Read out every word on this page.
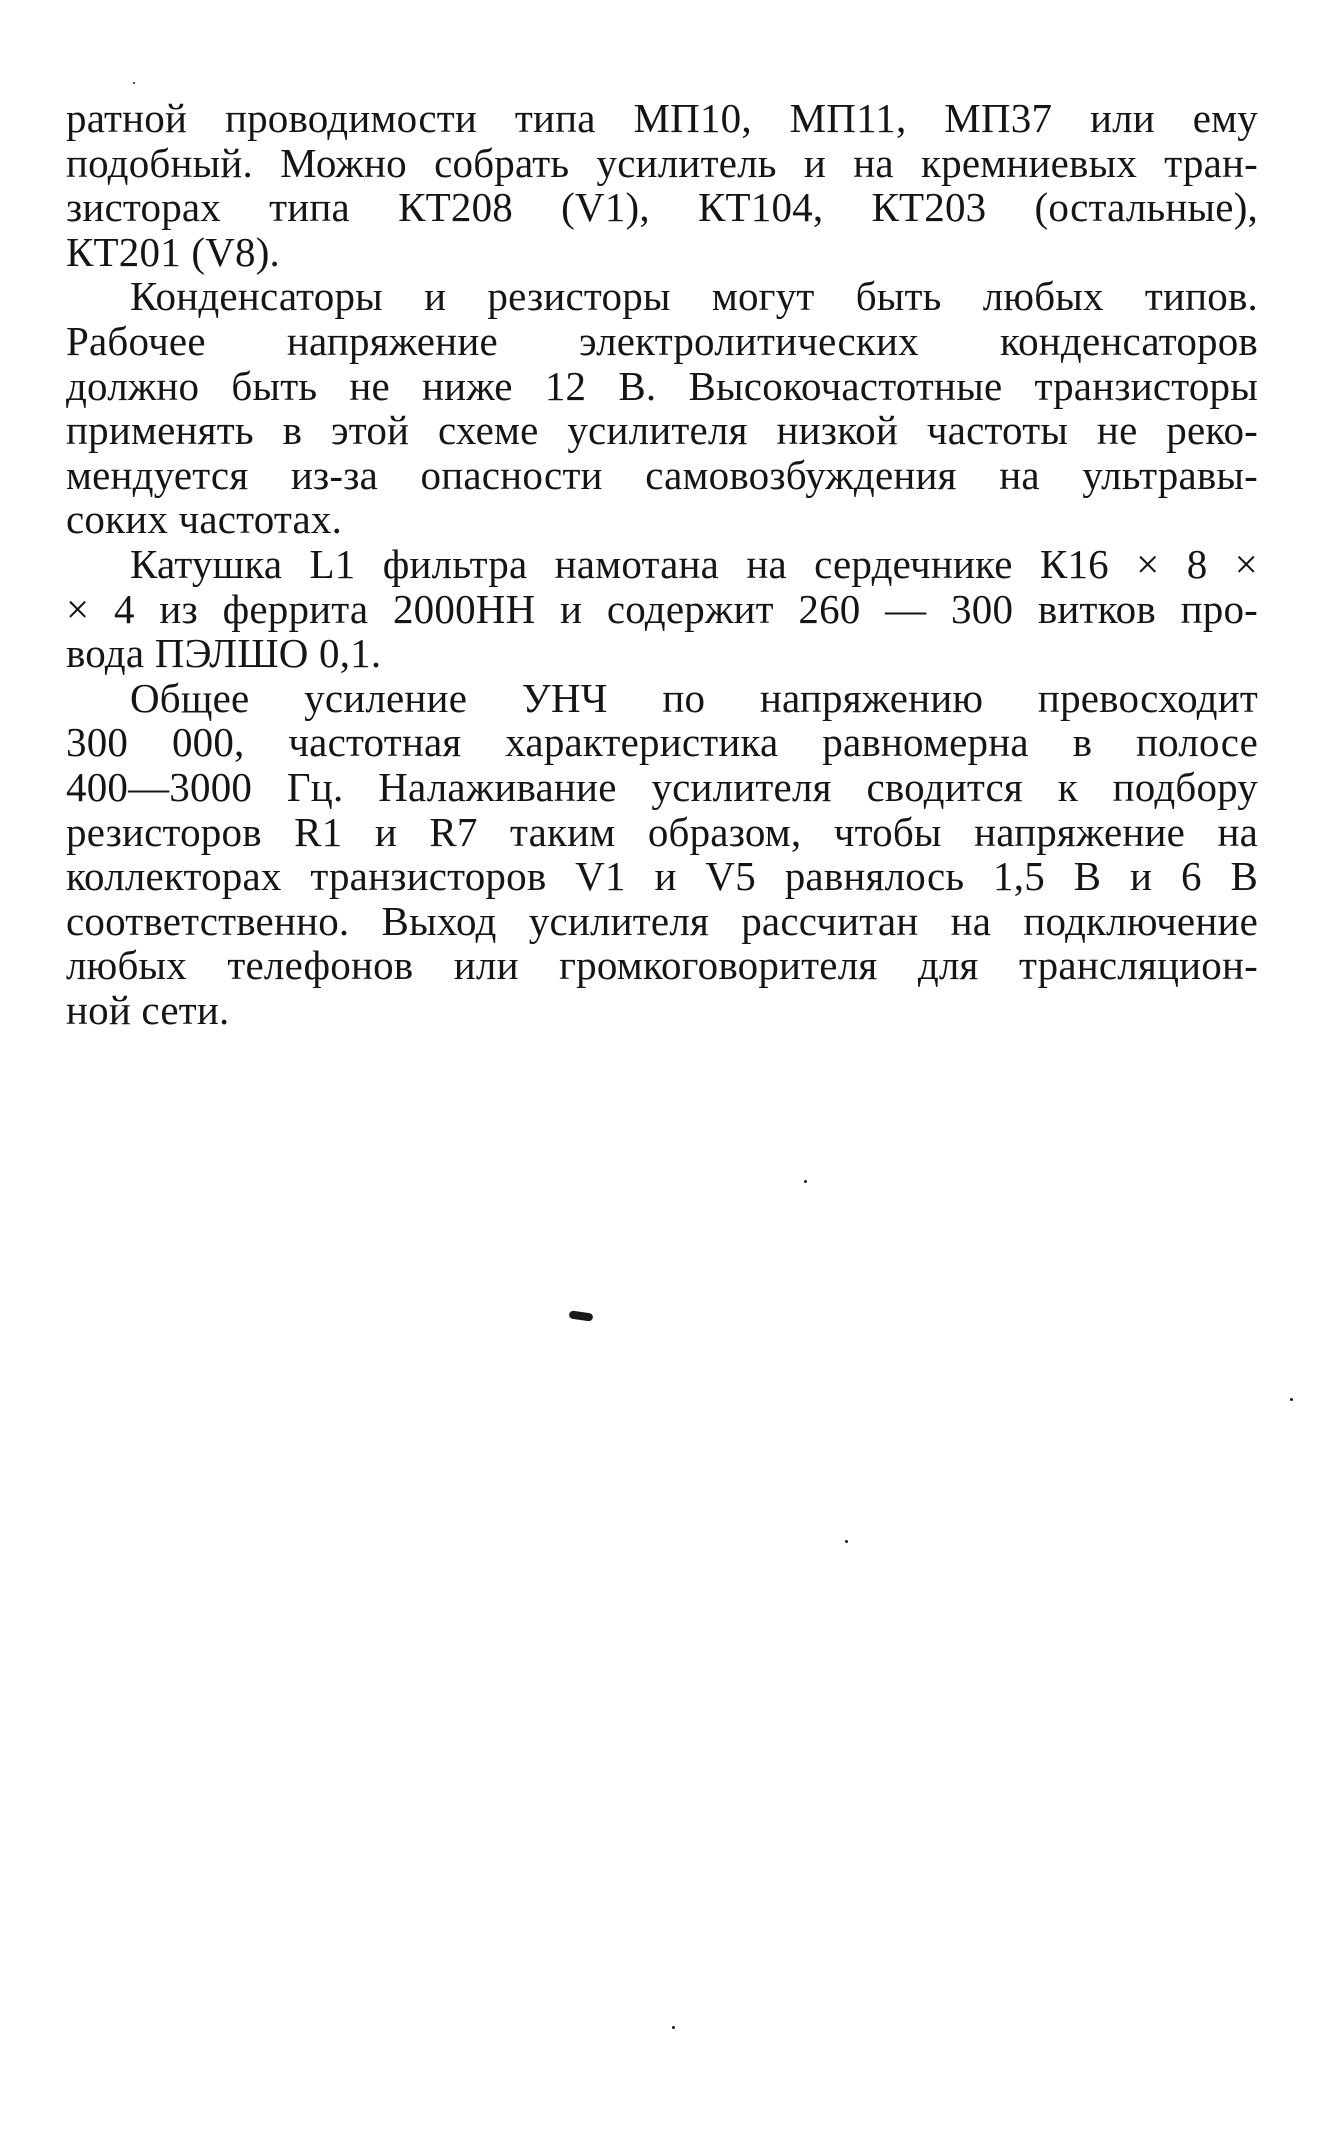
ратной проводимости типа МП10, МП11, МП37 или ему
подобный. Можно собрать усилитель и на кремниевых тран-
зисторах типа КТ208 (V1), КТ104, КТ203 (остальные),
КТ201 (V8).
Конденсаторы и резисторы могут быть любых типов.
Рабочее напряжение электролитических конденсаторов
должно быть не ниже 12 В. Высокочастотные транзисторы
применять в этой схеме усилителя низкой частоты не реко-
мендуется из-за опасности самовозбуждения на ультравы-
соких частотах.
Катушка L1 фильтра намотана на сердечнике К16 × 8 ×
× 4 из феррита 2000НН и содержит 260 — 300 витков про-
вода ПЭЛШО 0,1.
Общее усиление УНЧ по напряжению превосходит
300 000, частотная характеристика равномерна в полосе
400—3000 Гц. Налаживание усилителя сводится к подбору
резисторов R1 и R7 таким образом, чтобы напряжение на
коллекторах транзисторов V1 и V5 равнялось 1,5 В и 6 В
соответственно. Выход усилителя рассчитан на подключение
любых телефонов или громкоговорителя для трансляцион-
ной сети.
